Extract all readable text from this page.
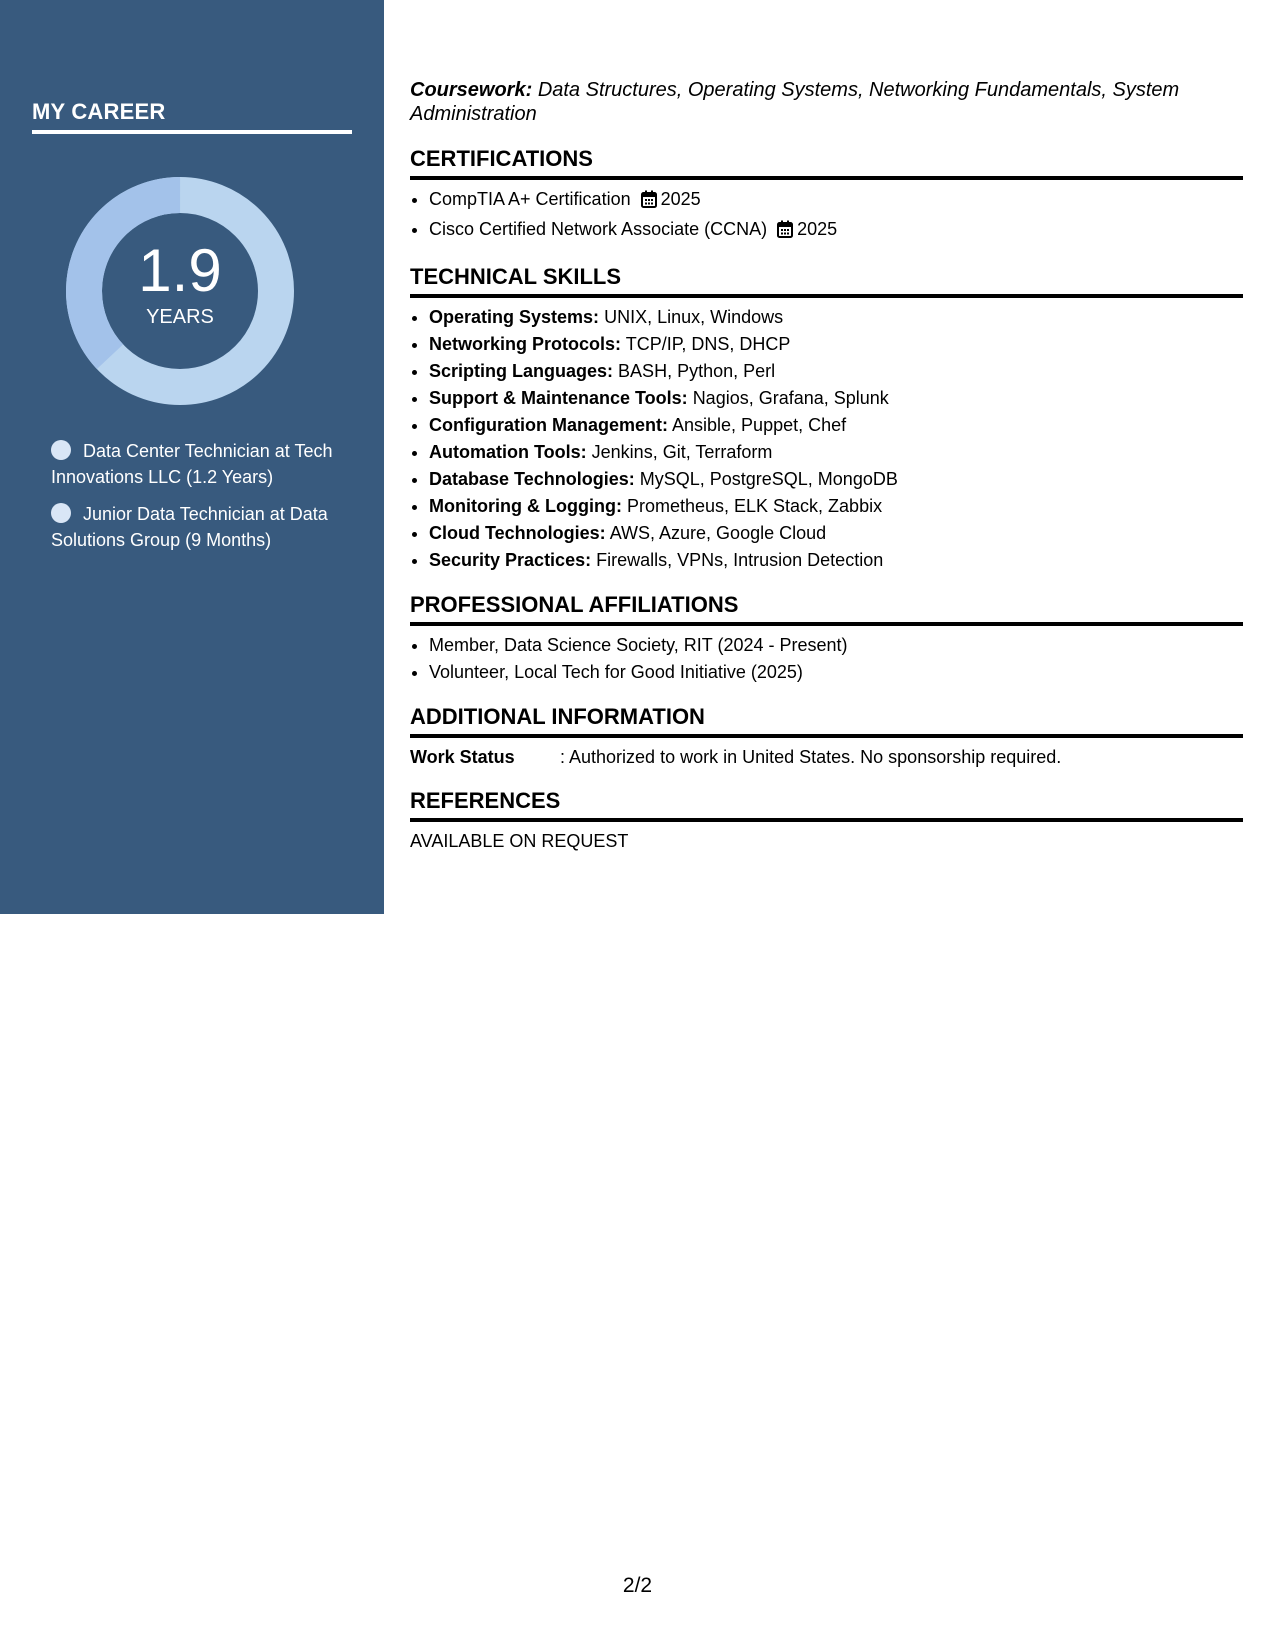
MY CAREER
1.9
YEARS
Data Center Technician at Tech Innovations LLC (1.2 Years)
Junior Data Technician at Data Solutions Group (9 Months)
Coursework: Data Structures, Operating Systems, Networking Fundamentals, System Administration
CERTIFICATIONS
• CompTIA A+ Certification 2025
• Cisco Certified Network Associate (CCNA) 2025
TECHNICAL SKILLS
• Operating Systems: UNIX, Linux, Windows
• Networking Protocols: TCP/IP, DNS, DHCP
• Scripting Languages: BASH, Python, Perl
• Support & Maintenance Tools: Nagios, Grafana, Splunk
• Configuration Management: Ansible, Puppet, Chef
• Automation Tools: Jenkins, Git, Terraform
• Database Technologies: MySQL, PostgreSQL, MongoDB
• Monitoring & Logging: Prometheus, ELK Stack, Zabbix
• Cloud Technologies: AWS, Azure, Google Cloud
• Security Practices: Firewalls, VPNs, Intrusion Detection
PROFESSIONAL AFFILIATIONS
• Member, Data Science Society, RIT (2024 - Present)
• Volunteer, Local Tech for Good Initiative (2025)
ADDITIONAL INFORMATION
Work Status	: Authorized to work in United States. No sponsorship required.
REFERENCES
AVAILABLE ON REQUEST
2/2
